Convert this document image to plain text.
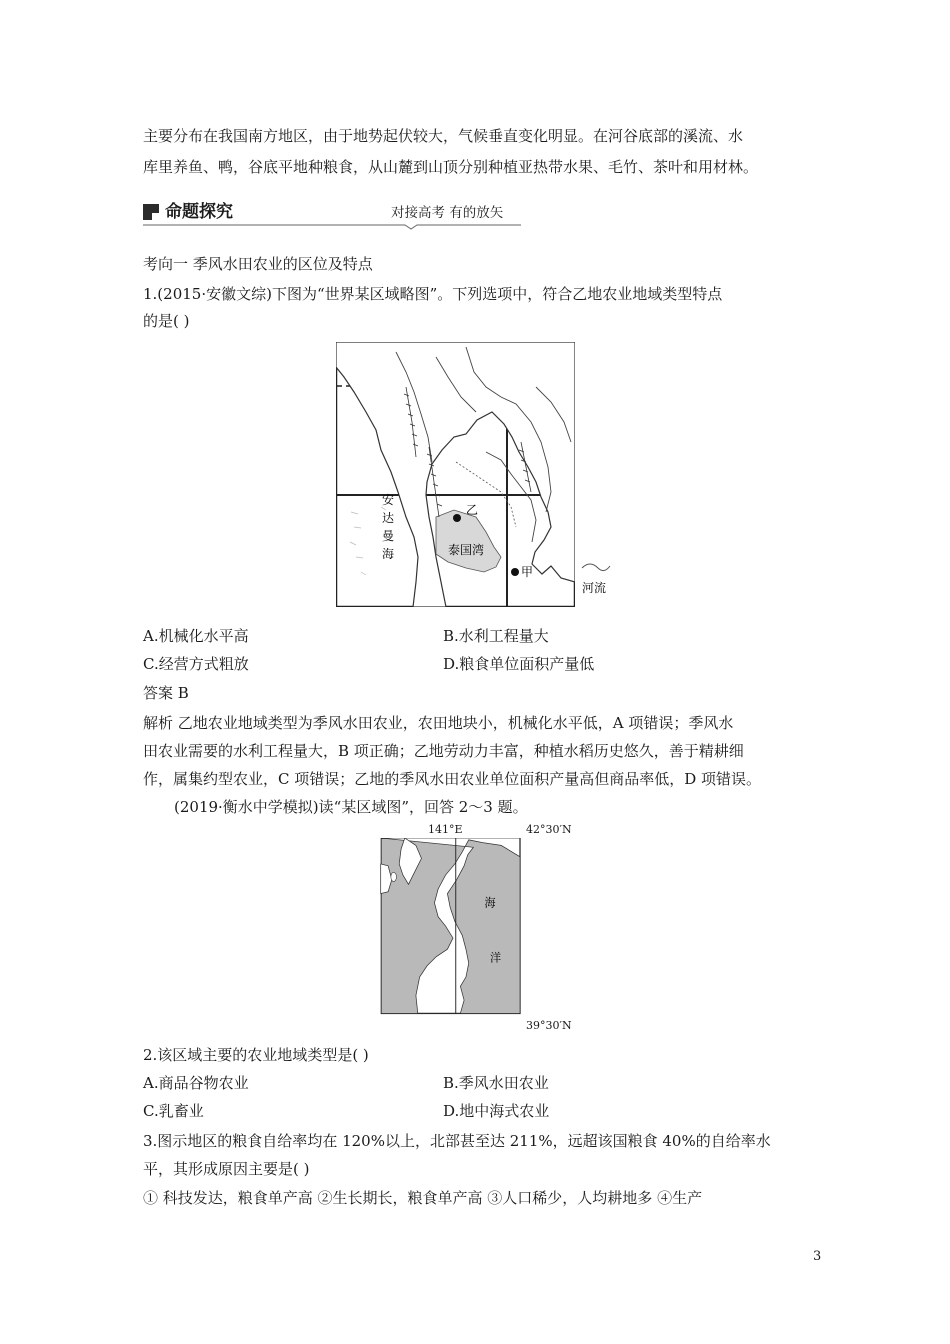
主要分布在我国南方地区，由于地势起伏较大，气候垂直变化明显。在河谷底部的溪流、水
库里养鱼、鸭，谷底平地种粮食，从山麓到山顶分别种植亚热带水果、毛竹、茶叶和用材林。
命题探究	对接高考 有的放矢
考向一 季风水田农业的区位及特点
1.(2015·安徽文综)下图为“世界某区域略图”。下列选项中，符合乙地农业地域类型特点
的是( )
安
达
曼
海	泰国湾
乙
甲
河流
A.机械化水平高	B.水利工程量大
C.经营方式粗放	D.粮食单位面积产量低
答案 B
解析 乙地农业地域类型为季风水田农业，农田地块小，机械化水平低，A 项错误；季风水
田农业需要的水利工程量大，B 项正确；乙地劳动力丰富，种植水稻历史悠久，善于精耕细
作，属集约型农业，C 项错误；乙地的季风水田农业单位面积产量高但商品率低，D 项错误。
(2019·衡水中学模拟)读“某区域图”，回答 2～3 题。
141°E
海
洋
42°30′N
39°30′N
2.该区域主要的农业地域类型是( )
A.商品谷物农业	B.季风水田农业
C.乳畜业	D.地中海式农业
3.图示地区的粮食自给率均在 120%以上，北部甚至达 211%，远超该国粮食 40%的自给率水
平，其形成原因主要是( )
① 科技发达，粮食单产高 ②生长期长，粮食单产高 ③人口稀少，人均耕地多 ④生产
3
